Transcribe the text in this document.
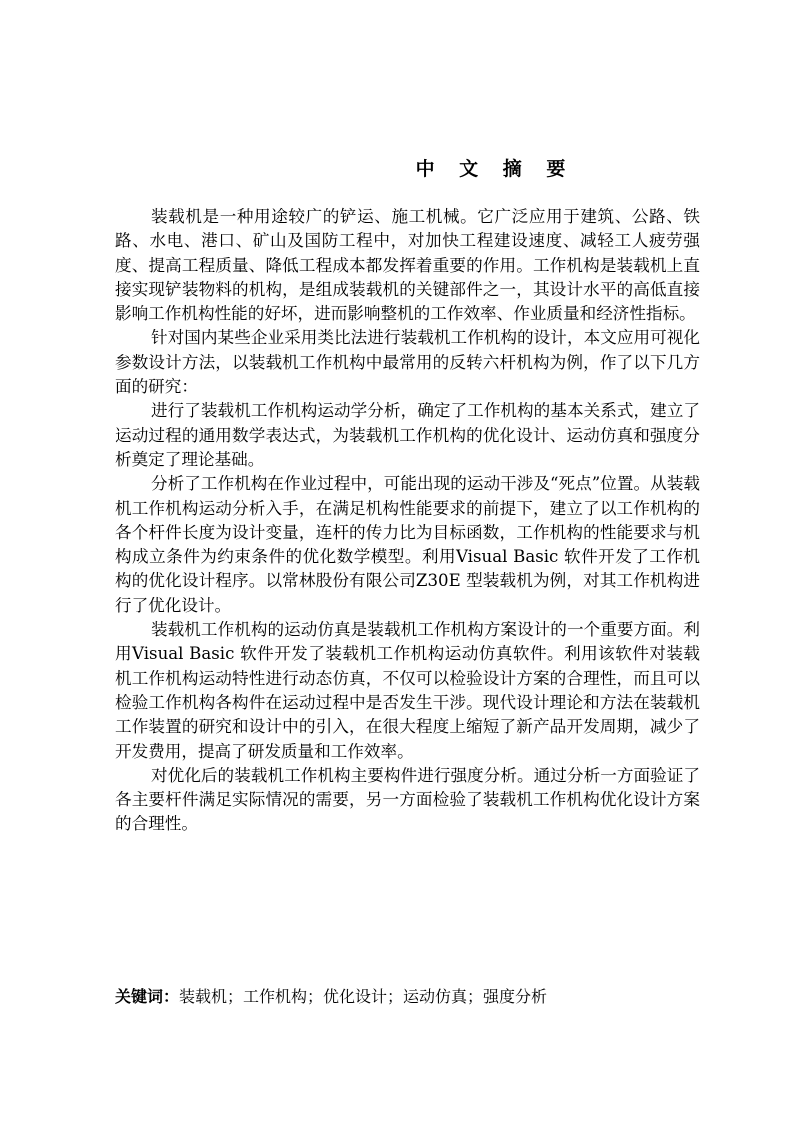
中 文 摘 要

装载机是一种用途较广的铲运、施工机械。它广泛应用于建筑、公路、铁路、水电、港口、矿山及国防工程中，对加快工程建设速度、减轻工人疲劳强度、提高工程质量、降低工程成本都发挥着重要的作用。工作机构是装载机上直接实现铲装物料的机构，是组成装载机的关键部件之一，其设计水平的高低直接影响工作机构性能的好坏，进而影响整机的工作效率、作业质量和经济性指标。

针对国内某些企业采用类比法进行装载机工作机构的设计，本文应用可视化参数设计方法，以装载机工作机构中最常用的反转六杆机构为例，作了以下几方面的研究：

进行了装载机工作机构运动学分析，确定了工作机构的基本关系式，建立了运动过程的通用数学表达式，为装载机工作机构的优化设计、运动仿真和强度分析奠定了理论基础。

分析了工作机构在作业过程中，可能出现的运动干涉及“死点”位置。从装载机工作机构运动分析入手，在满足机构性能要求的前提下，建立了以工作机构的各个杆件长度为设计变量，连杆的传力比为目标函数，工作机构的性能要求与机构成立条件为约束条件的优化数学模型。利用Visual Basic 软件开发了工作机构的优化设计程序。以常林股份有限公司Z30E 型装载机为例，对其工作机构进行了优化设计。

装载机工作机构的运动仿真是装载机工作机构方案设计的一个重要方面。利用Visual Basic 软件开发了装载机工作机构运动仿真软件。利用该软件对装载机工作机构运动特性进行动态仿真，不仅可以检验设计方案的合理性，而且可以检验工作机构各构件在运动过程中是否发生干涉。现代设计理论和方法在装载机工作装置的研究和设计中的引入，在很大程度上缩短了新产品开发周期，减少了开发费用，提高了研发质量和工作效率。

对优化后的装载机工作机构主要构件进行强度分析。通过分析一方面验证了各主要杆件满足实际情况的需要，另一方面检验了装载机工作机构优化设计方案的合理性。

关键词：装载机；工作机构；优化设计；运动仿真；强度分析
